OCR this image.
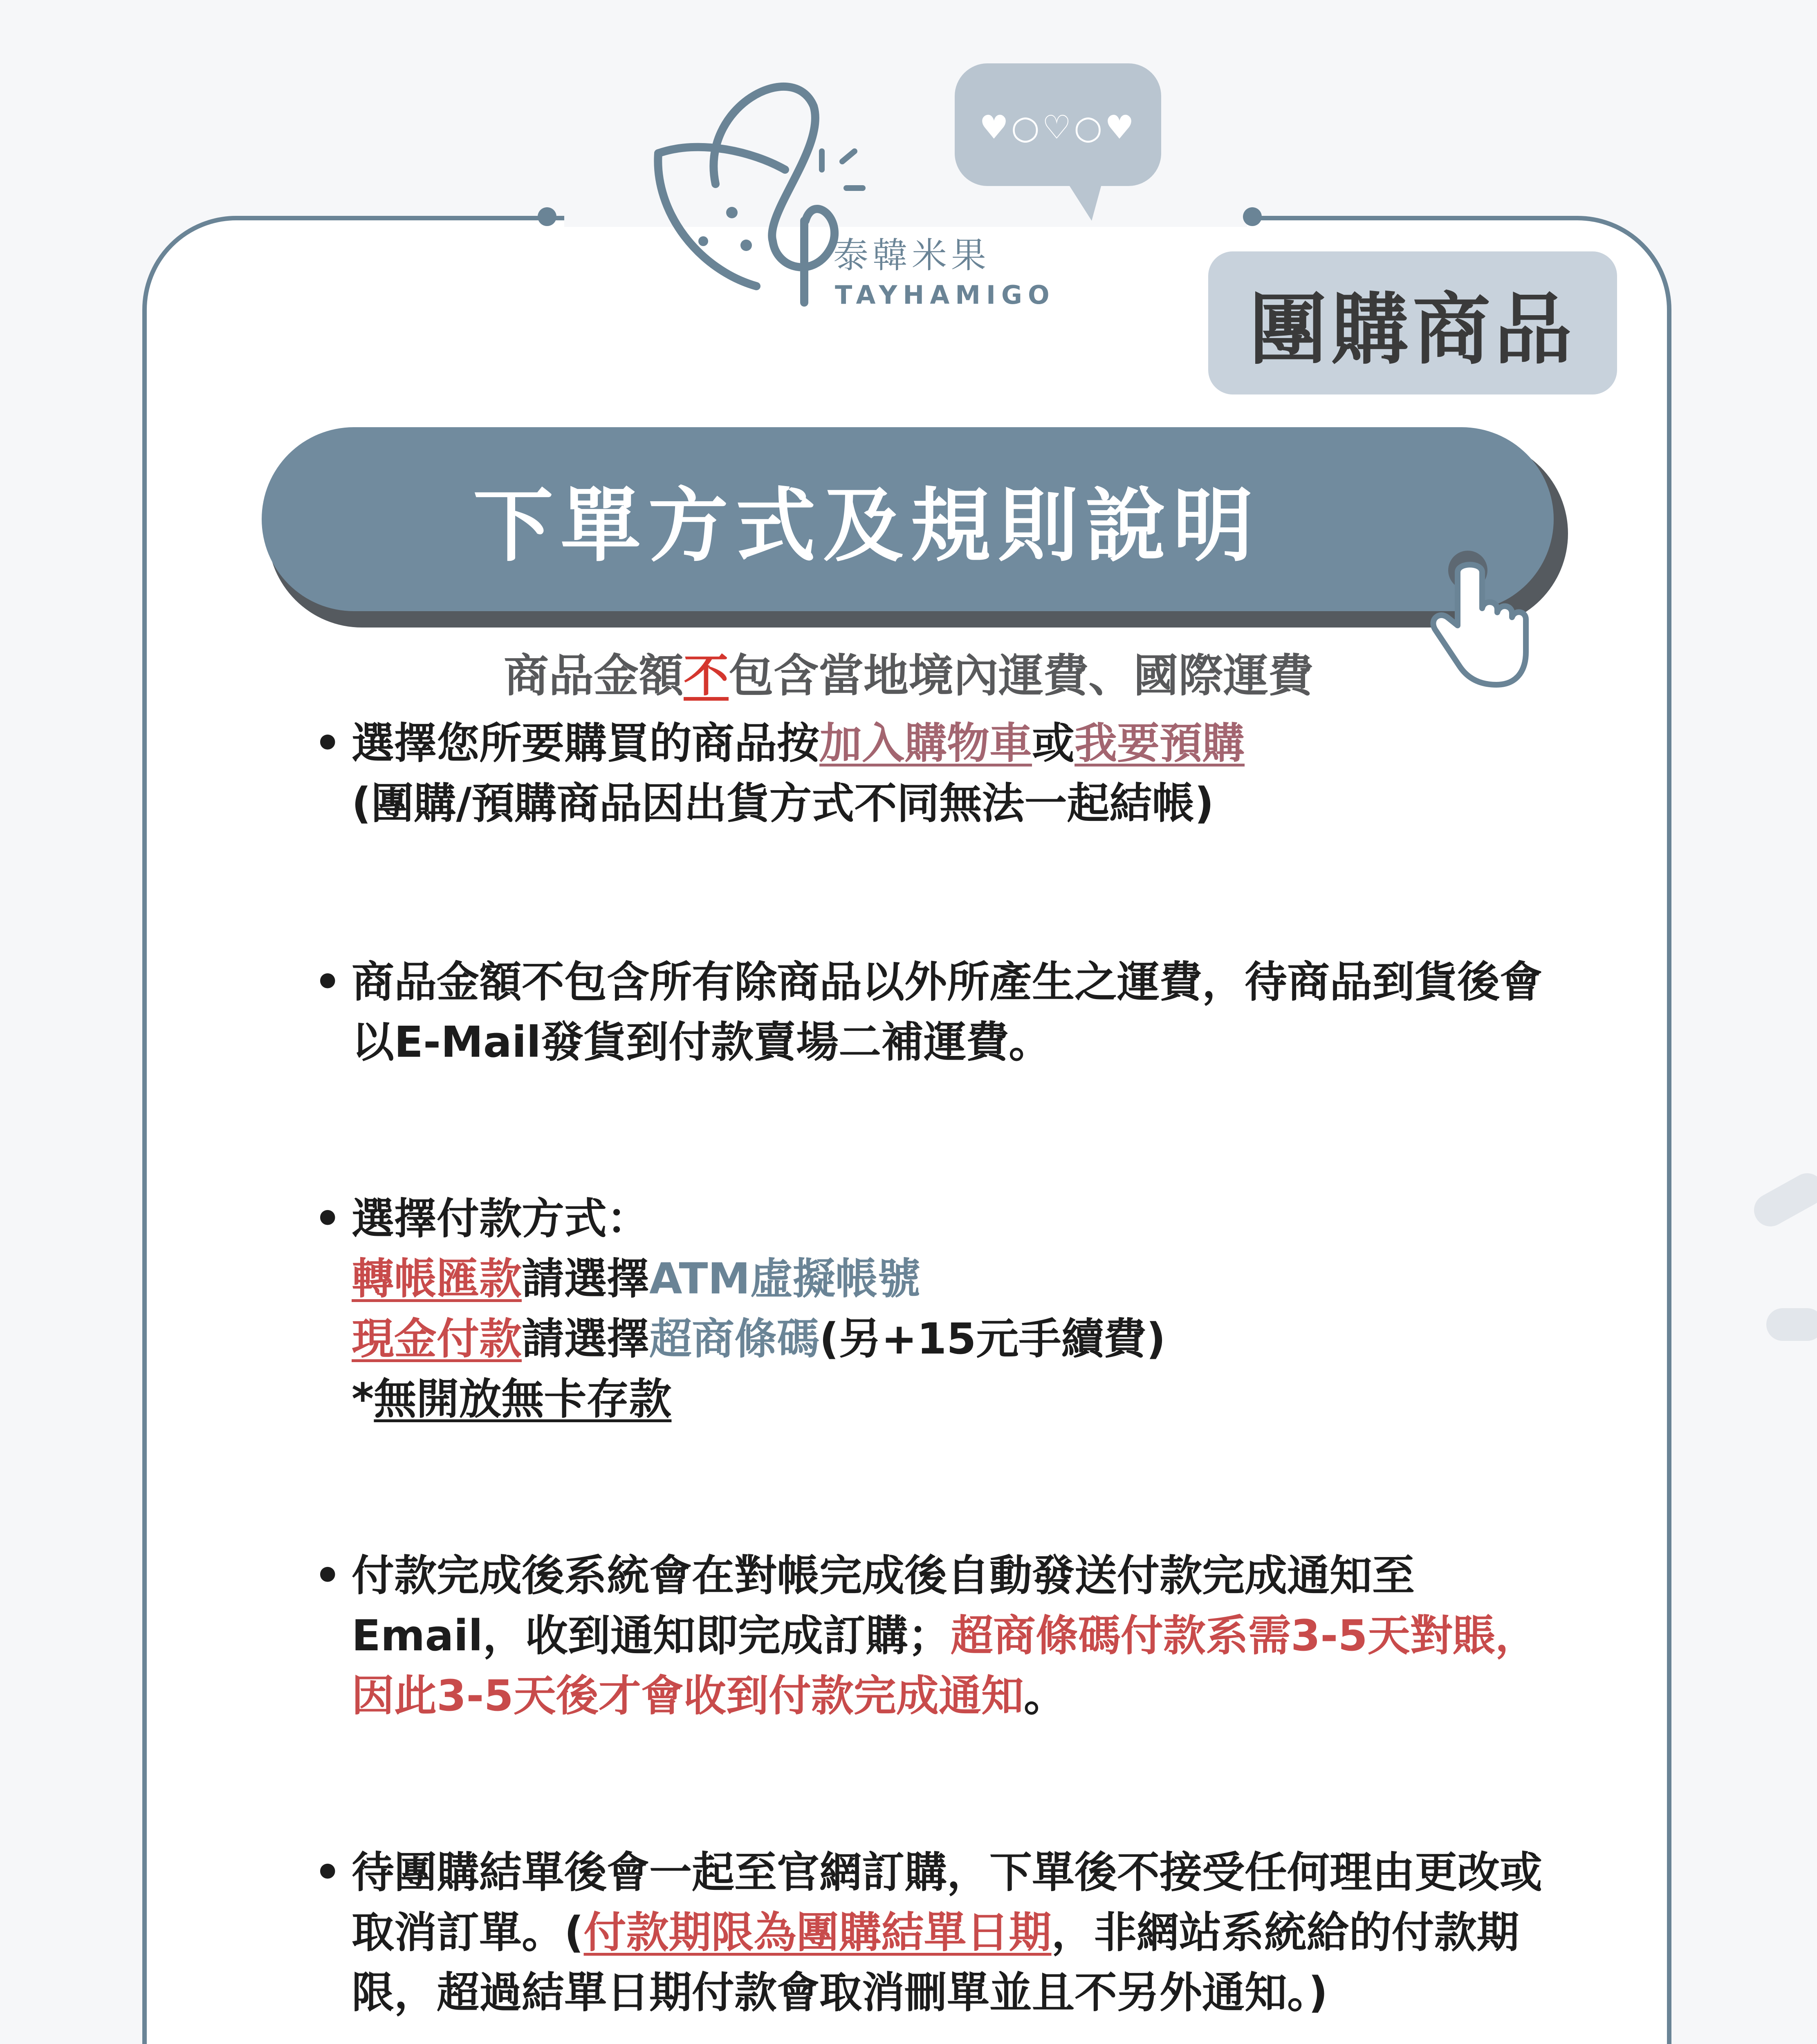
泰韓米果
TAYHAMIGO
♥○♡○♥
團購商品
下單方式及規則說明
商品金額不包含當地境內運費、國際運費
• 選擇您所要購買的商品按加入購物車或我要預購
(團購/預購商品因出貨方式不同無法一起結帳)
• 商品金額不包含所有除商品以外所產生之運費，待商品到貨後會
以E-Mail發貨到付款賣場二補運費。
• 選擇付款方式：
轉帳匯款請選擇ATM虛擬帳號
現金付款請選擇超商條碼(另+15元手續費)
*無開放無卡存款
• 付款完成後系統會在對帳完成後自動發送付款完成通知至
Email，收到通知即完成訂購；超商條碼付款系需3-5天對賬，
因此3-5天後才會收到付款完成通知。
• 待團購結單後會一起至官網訂購，下單後不接受任何理由更改或
取消訂單。(付款期限為團購結單日期，非網站系統給的付款期
限，超過結單日期付款會取消刪單並且不另外通知。)
